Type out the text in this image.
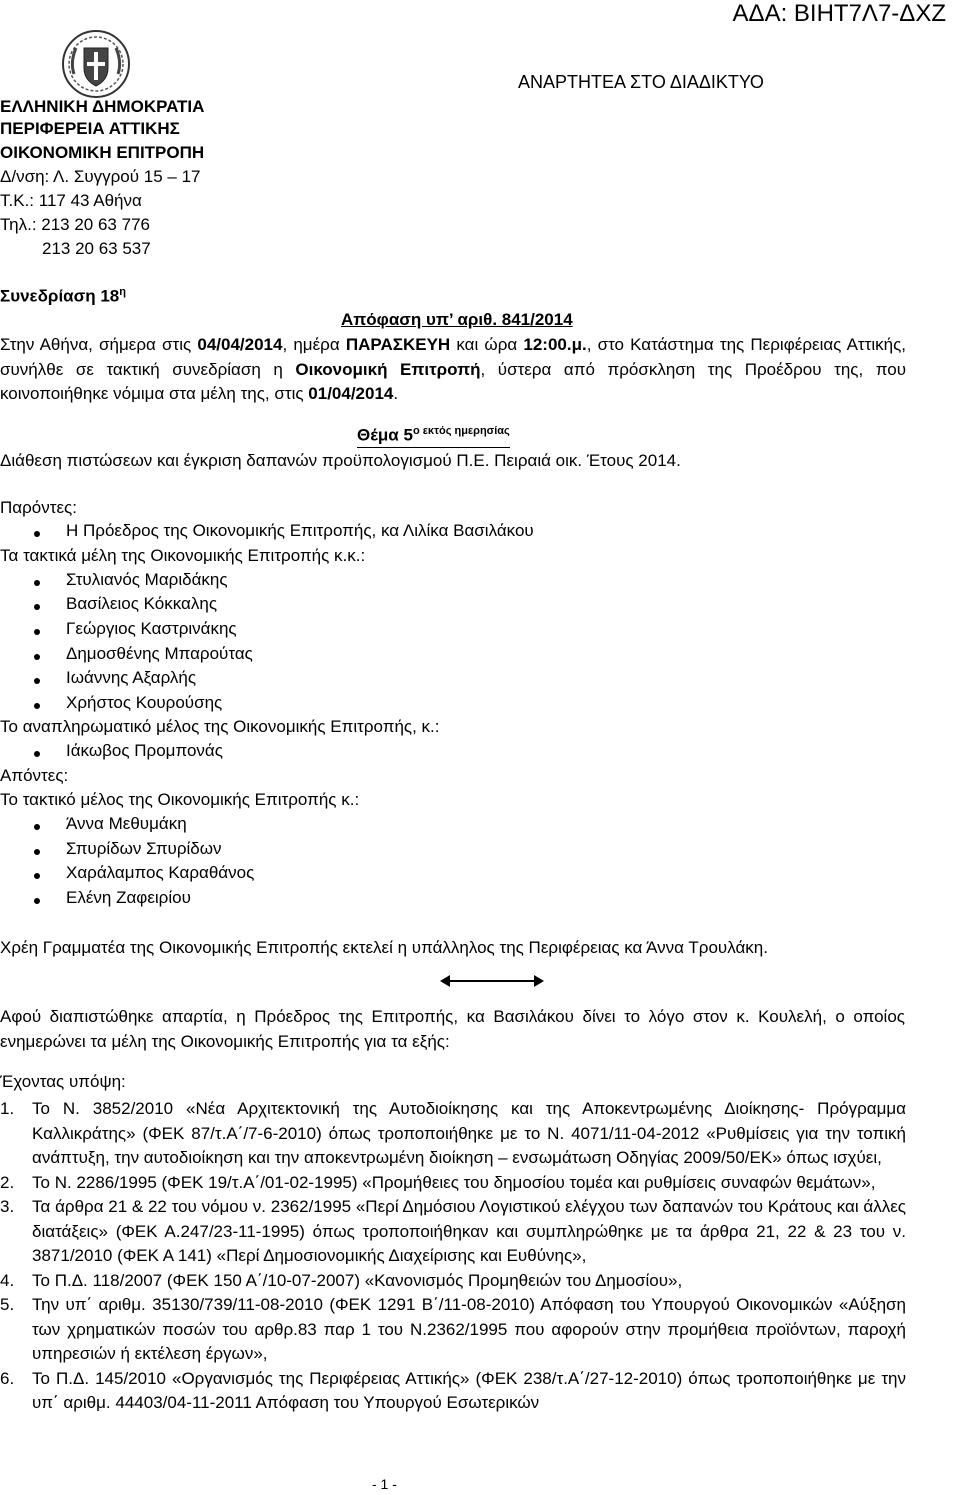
ΑΔΑ: ΒΙΗΤ7Λ7-ΔΧΖ
ΑΝΑΡΤΗΤΕΑ ΣΤΟ ΔΙΑΔΙΚΤΥΟ
ΕΛΛΗΝΙΚΗ ΔΗΜΟΚΡΑΤΙΑ
ΠΕΡΙΦΕΡΕΙΑ ΑΤΤΙΚΗΣ
ΟΙΚΟΝΟΜΙΚΗ ΕΠΙΤΡΟΠΗ
Δ/νση: Λ. Συγγρού 15 – 17
Τ.Κ.: 117 43 Αθήνα
Τηλ.: 213 20 63 776
213 20 63 537
Συνεδρίαση $18^\eta$
Απόφαση υπ’ αριθ. 841/2014
Στην Αθήνα, σήμερα στις 04/04/2014, ημέρα ΠΑΡΑΣΚΕΥΗ και ώρα 12:00.μ., στο Κατάστημα της Περιφέρειας Αττικής, συνήλθε σε τακτική συνεδρίαση η Οικονομική Επιτροπή, ύστερα από πρόσκληση της Προέδρου της, που κοινοποιήθηκε νόμιμα στα μέλη της, στις 01/04/2014.
Θέμα $5^{o \varepsilon\kappa\tau ό\varsigma \eta\mu\varepsilon\rho\eta\sigma ί\alpha\varsigma}$
Διάθεση πιστώσεων και έγκριση δαπανών προϋπολογισμού Π.Ε. Πειραιά οικ. Έτους 2014.
Παρόντες:
Η Πρόεδρος της Οικονομικής Επιτροπής, κα Λιλίκα Βασιλάκου
Τα τακτικά μέλη της Οικονομικής Επιτροπής κ.κ.:
Στυλιανός Μαριδάκης
Βασίλειος Κόκκαλης
Γεώργιος Καστρινάκης
Δημοσθένης Μπαρούτας
Ιωάννης Αξαρλής
Χρήστος Κουρούσης
Το αναπληρωματικό μέλος της Οικονομικής Επιτροπής, κ.:
Ιάκωβος Προμπονάς
Απόντες:
Το τακτικό μέλος της Οικονομικής Επιτροπής κ.:
Άννα Μεθυμάκη
Σπυρίδων Σπυρίδων
Χαράλαμπος Καραθάνος
Ελένη Ζαφειρίου
Χρέη Γραμματέα της Οικονομικής Επιτροπής εκτελεί η υπάλληλος της Περιφέρειας κα Άννα Τρουλάκη.
Αφού διαπιστώθηκε απαρτία, η Πρόεδρος της Επιτροπής, κα Βασιλάκου δίνει το λόγο στον κ. Κουλελή, ο οποίος ενημερώνει τα μέλη της Οικονομικής Επιτροπής για τα εξής:
Έχοντας υπόψη:
1. Το Ν. 3852/2010 «Νέα Αρχιτεκτονική της Αυτοδιοίκησης και της Αποκεντρωμένης Διοίκησης- Πρόγραμμα Καλλικράτης» (ΦΕΚ 87/τ.Α΄/7-6-2010) όπως τροποποιήθηκε με το Ν. 4071/11-04-2012 «Ρυθμίσεις για την τοπική ανάπτυξη, την αυτοδιοίκηση και την αποκεντρωμένη διοίκηση – ενσωμάτωση Οδηγίας 2009/50/ΕΚ» όπως ισχύει,
2. Το Ν. 2286/1995 (ΦΕΚ 19/τ.Α΄/01-02-1995) «Προμήθειες του δημοσίου τομέα και ρυθμίσεις συναφών θεμάτων»,
3. Τα άρθρα 21 & 22 του νόμου ν. 2362/1995 «Περί Δημόσιου Λογιστικού ελέγχου των δαπανών του Κράτους και άλλες διατάξεις» (ΦΕΚ Α.247/23-11-1995) όπως τροποποιήθηκαν και συμπληρώθηκε με τα άρθρα 21, 22 & 23 του ν. 3871/2010 (ΦΕΚ Α 141) «Περί Δημοσιονομικής Διαχείρισης και Ευθύνης»,
4. Το Π.Δ. 118/2007 (ΦΕΚ 150 Α΄/10-07-2007) «Κανονισμός Προμηθειών του Δημοσίου»,
5. Την υπ΄ αριθμ. 35130/739/11-08-2010 (ΦΕΚ 1291 Β΄/11-08-2010) Απόφαση του Υπουργού Οικονομικών «Αύξηση των χρηματικών ποσών του αρθρ.83 παρ 1 του Ν.2362/1995 που αφορούν στην προμήθεια προϊόντων, παροχή υπηρεσιών ή εκτέλεση έργων»,
6. Το Π.Δ. 145/2010 «Οργανισμός της Περιφέρειας Αττικής» (ΦΕΚ 238/τ.Α΄/27-12-2010) όπως τροποποιήθηκε με την υπ΄ αριθμ. 44403/04-11-2011 Απόφαση του Υπουργού Εσωτερικών
- 1 -
